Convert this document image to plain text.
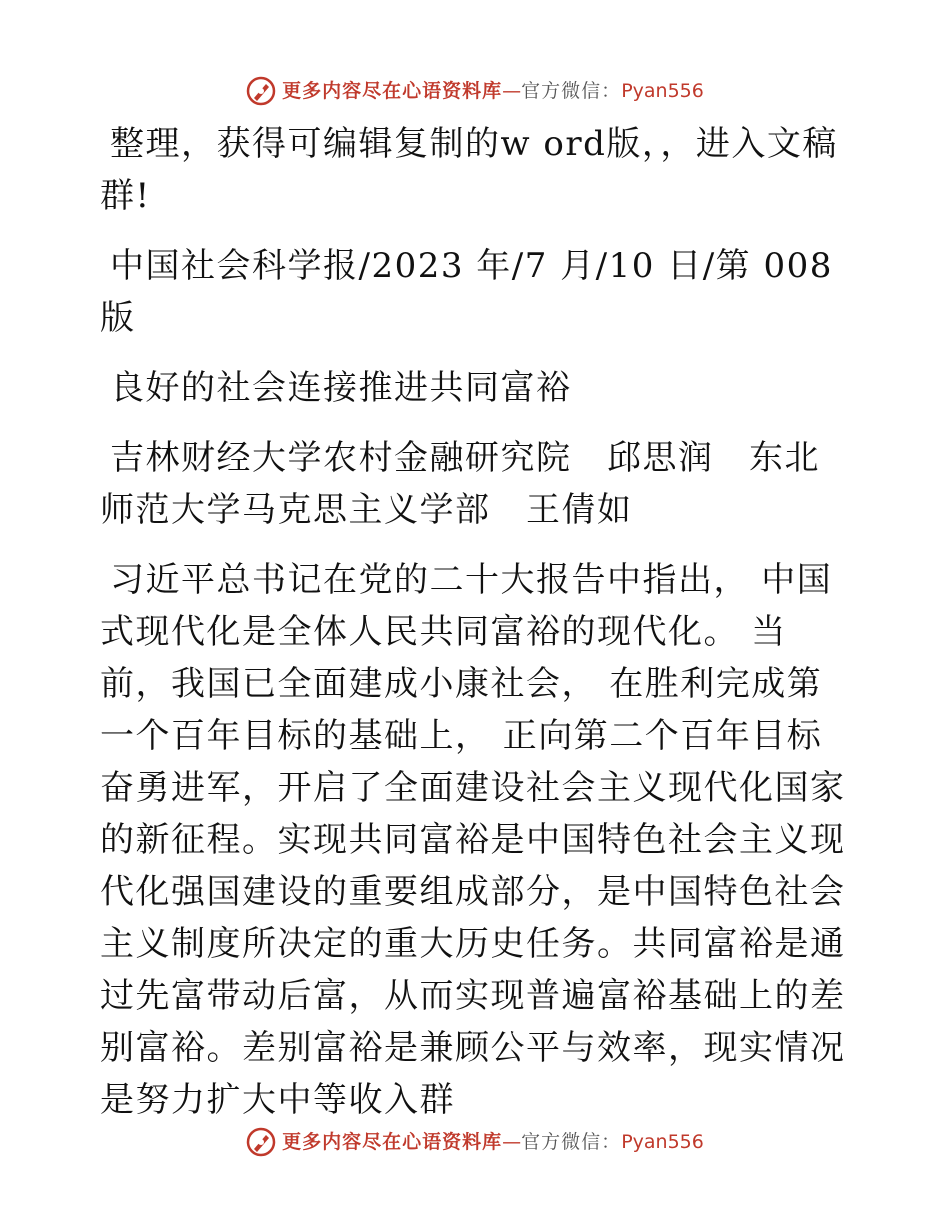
更多内容尽在心语资料库 — 官方微信： Pyan556

整理，获得可编辑复制的w ord版，，进入文稿群!

中国社会科学报/2023 年/7 月/10 日/第 008 版

良好的社会连接推进共同富裕

吉林财经大学农村金融研究院　邱思润　东北师范大学马克思主义学部　王倩如

习近平总书记在党的二十大报告中指出， 中国式现代化是全体人民共同富裕的现代化。 当前，我国已全面建成小康社会， 在胜利完成第一个百年目标的基础上， 正向第二个百年目标奋勇进军，开启了全面建设社会主义现代化国家的新征程。实现共同富裕是中国特色社会主义现代化强国建设的重要组成部分，是中国特色社会主义制度所决定的重大历史任务。共同富裕是通过先富带动后富，从而实现普遍富裕基础上的差别富裕。差别富裕是兼顾公平与效率，现实情况是努力扩大中等收入群

更多内容尽在心语资料库 — 官方微信： Pyan556
